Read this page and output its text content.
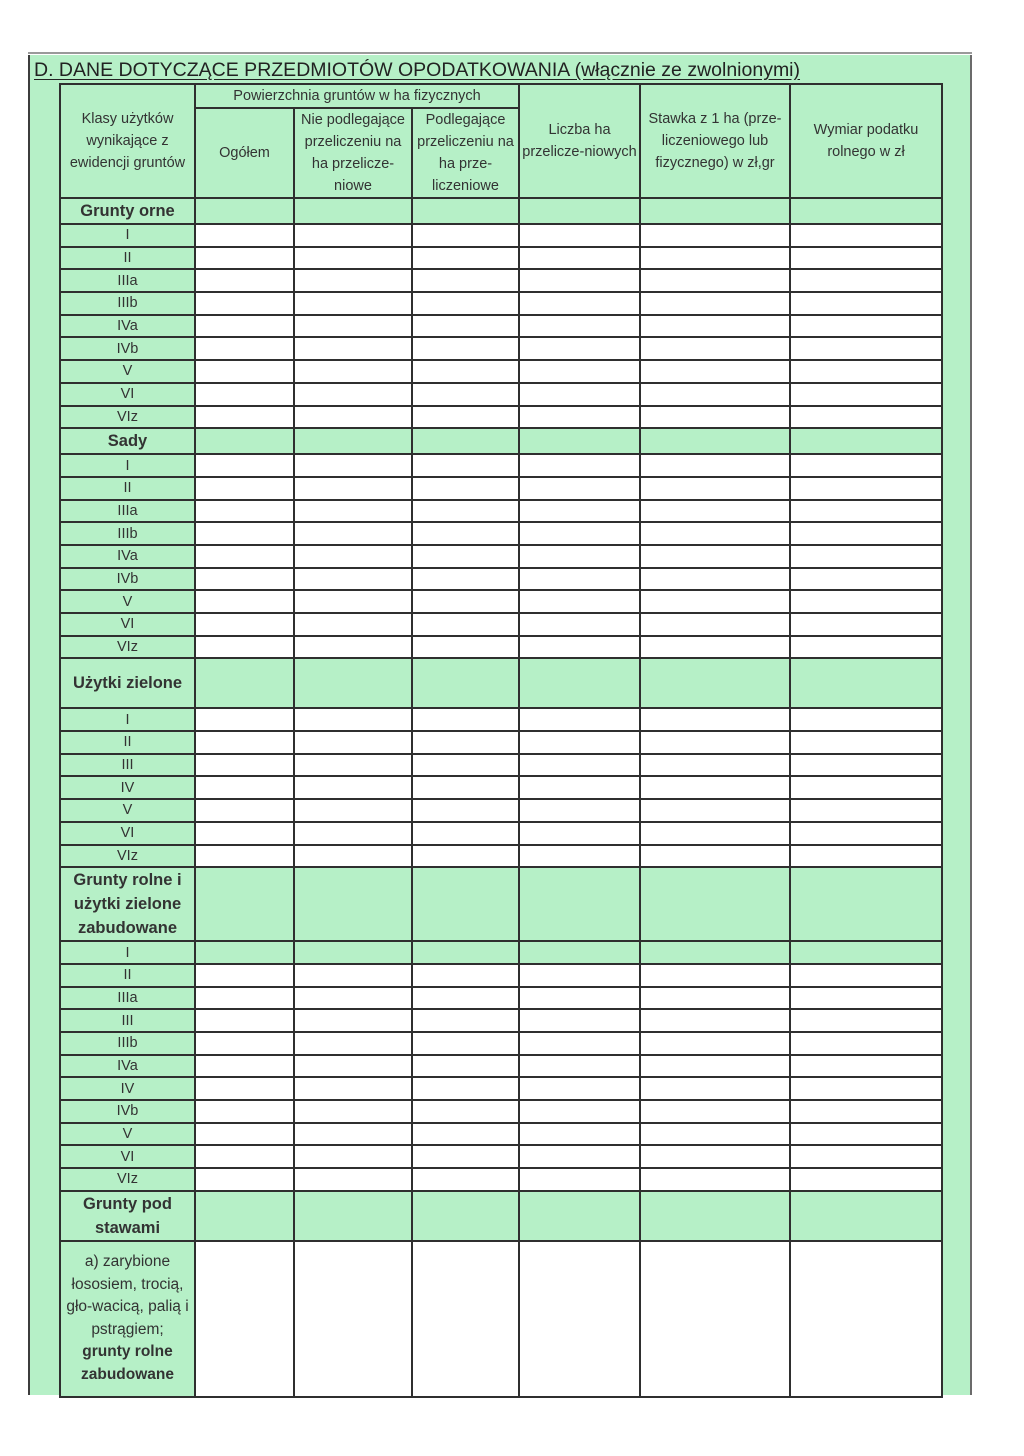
D. DANE DOTYCZĄCE PRZEDMIOTÓW OPODATKOWANIA (włącznie ze zwolnionymi)
Klasy użytków wynikające z ewidencji gruntów	Powierzchnia gruntów w ha fizycznych			Liczba ha przelicze-niowych	Stawka z 1 ha (prze-liczeniowego lub fizycznego) w zł,gr	Wymiar podatku rolnego w zł
	Ogółem	Nie podlegające przeliczeniu na ha przelicze-niowe	Podlegające przeliczeniu na ha prze-liczeniowe			
Grunty orne						
I						
II						
IIIa						
IIIb						
IVa						
IVb						
V						
VI						
VIz						
Sady						
I						
II						
IIIa						
IIIb						
IVa						
IVb						
V						
VI						
VIz						
Użytki zielone						
I						
II						
III						
IV						
V						
VI						
VIz						
Grunty rolne i użytki zielone zabudowane						
I						
II						
IIIa						
III						
IIIb						
IVa						
IV						
IVb						
V						
VI						
VIz						
Grunty pod stawami						

a) zarybione łososiem, trocią, gło-wacicą, palią i pstrągiem;
grunty rolne zabudowane						
